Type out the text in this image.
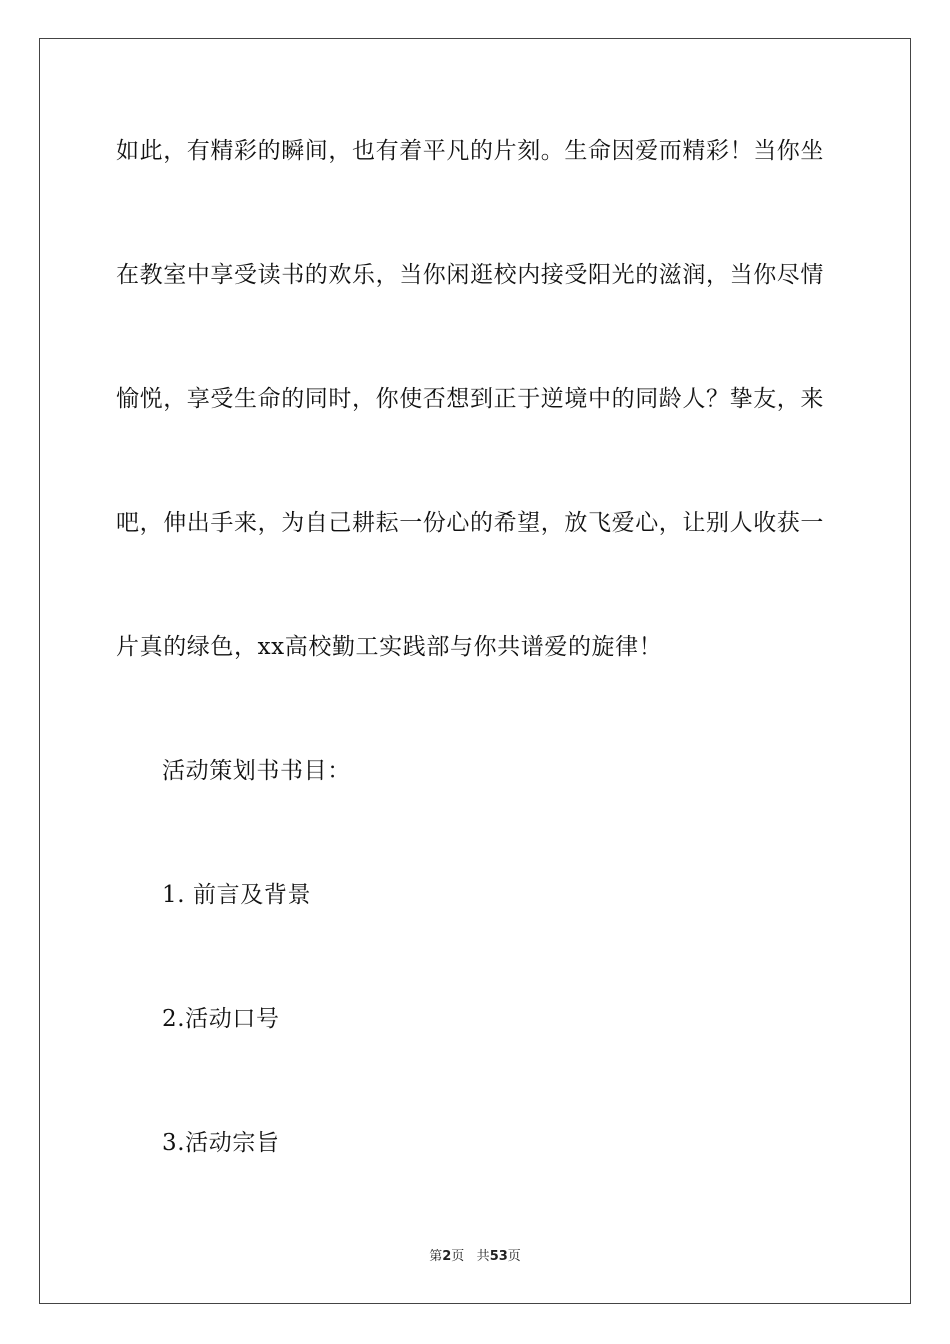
如此，有精彩的瞬间，也有着平凡的片刻。生命因爱而精彩！当你坐
在教室中享受读书的欢乐，当你闲逛校内接受阳光的滋润，当你尽情
愉悦，享受生命的同时，你使否想到正于逆境中的同龄人？挚友，来
吧，伸出手来，为自己耕耘一份心的希望，放飞爱心，让别人收获一
片真的绿色，xx高校勤工实践部与你共谱爱的旋律！
活动策划书书目：
1. 前言及背景
2.活动口号
3.活动宗旨
第2页 共53页
